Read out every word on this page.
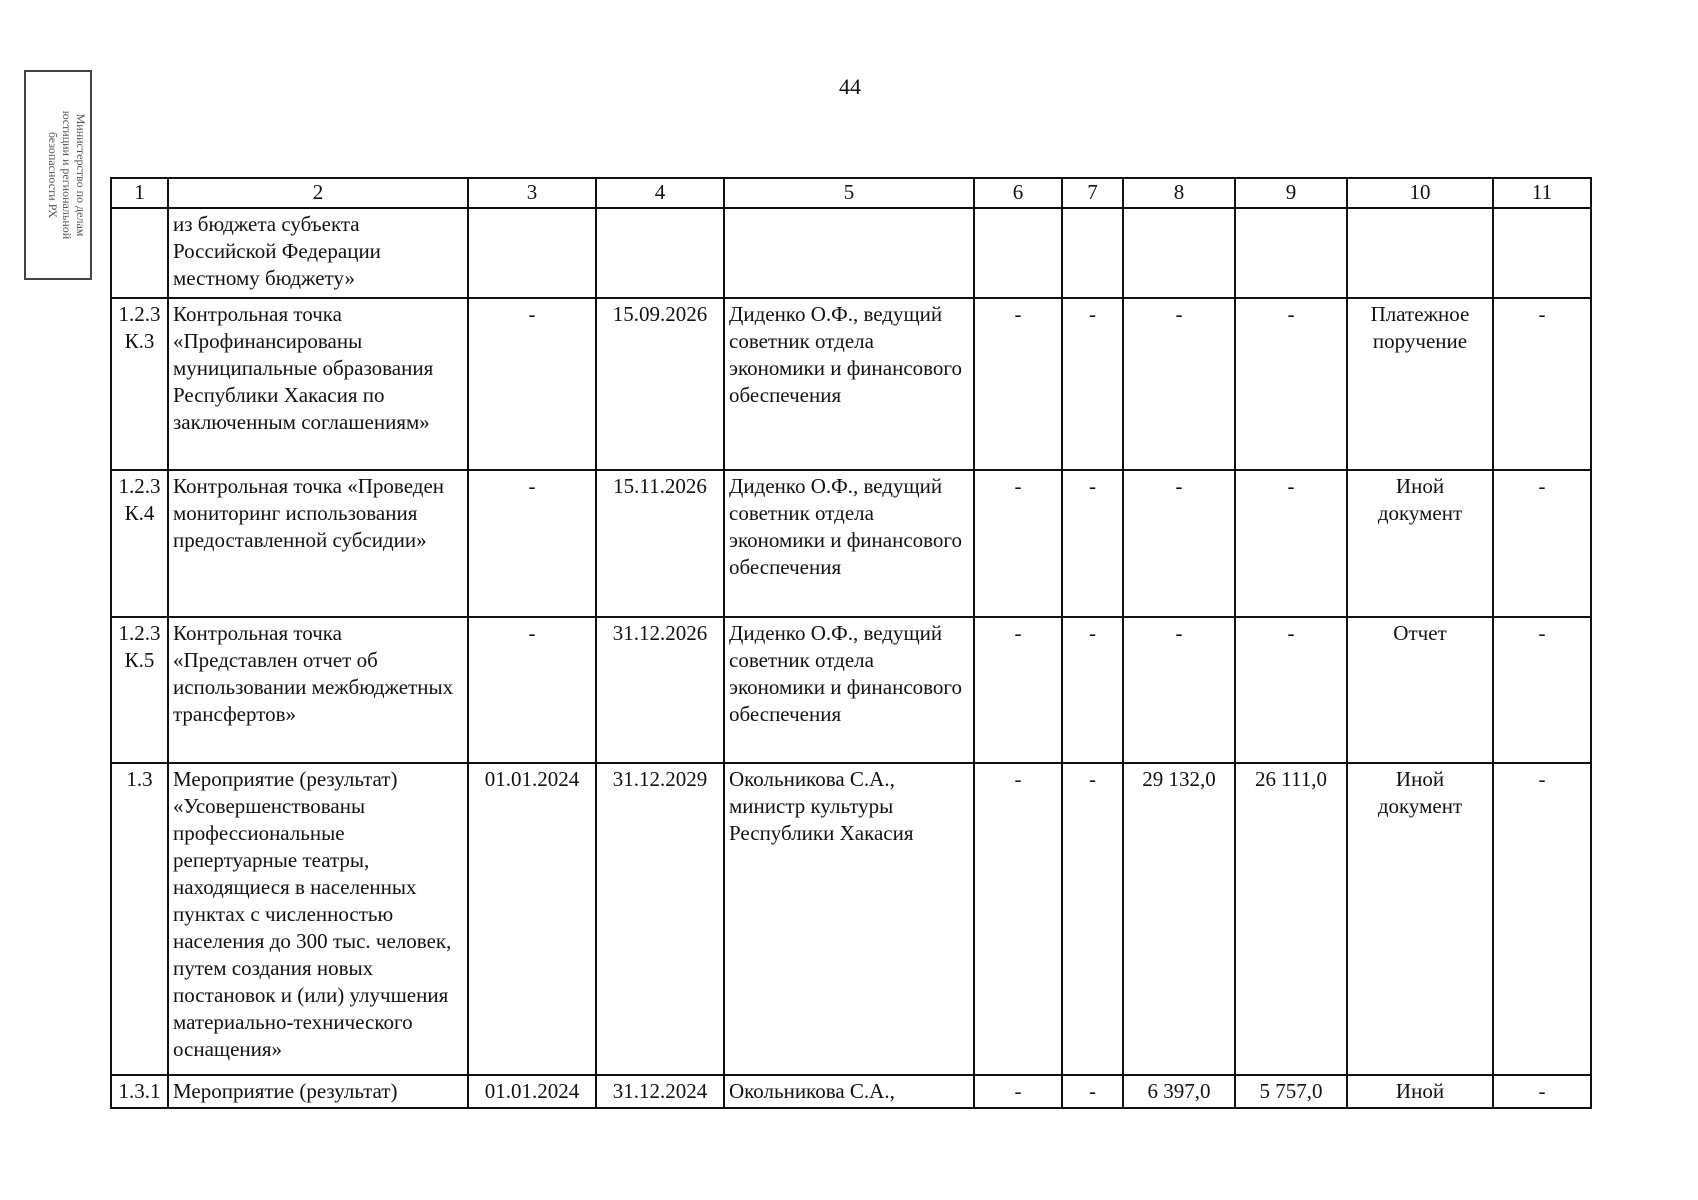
44
Министерство по делам
юстиции и региональной
безопасности РХ	1	2	3	4	5	6	7	8	9	10	11
	из бюджета субъекта Российской Федерации местному бюджету»									
1.2.3 К.3	Контрольная точка «Профинансированы муниципальные образования Республики Хакасия по заключенным соглашениям»	-	15.09.2026	Диденко О.Ф., ведущий советник отдела экономики и финансового обеспечения	-	-	-	-	Платежное поручение	-
1.2.3 К.4	Контрольная точка «Проведен мониторинг использования предоставленной субсидии»	-	15.11.2026	Диденко О.Ф., ведущий советник отдела экономики и финансового обеспечения	-	-	-	-	Иной документ	-
1.2.3 К.5	Контрольная точка «Представлен отчет об использовании межбюджетных трансфертов»	-	31.12.2026	Диденко О.Ф., ведущий советник отдела экономики и финансового обеспечения	-	-	-	-	Отчет	-
1.3	Мероприятие (результат) «Усовершенствованы профессиональные репертуарные театры, находящиеся в населенных пунктах с численностью населения до 300 тыс. человек, путем создания новых постановок и (или) улучшения материально-технического оснащения»	01.01.2024	31.12.2029	Окольникова С.А., министр культуры Республики Хакасия	-	-	29 132,0	26 111,0	Иной документ	-
1.3.1	Мероприятие (результат)	01.01.2024	31.12.2024	Окольникова С.А.,	-	-	6 397,0	5 757,0	Иной	-
